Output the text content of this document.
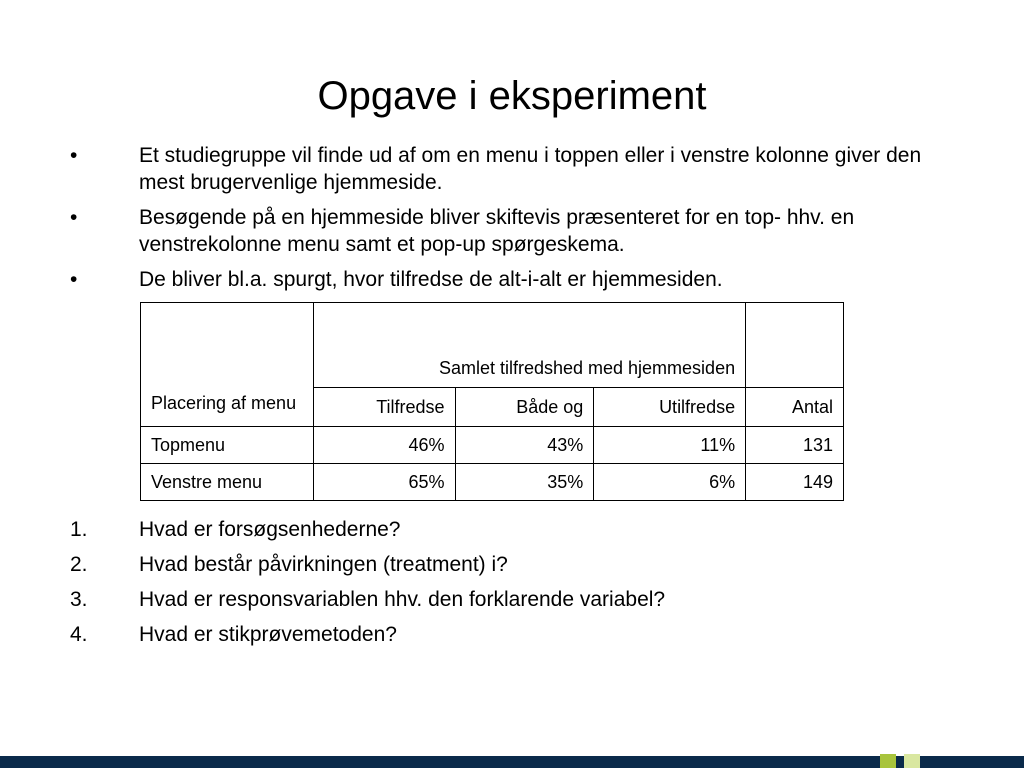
Opgave i eksperiment
•	Et studiegruppe vil finde ud af om en menu i toppen eller i venstre kolonne giver den mest brugervenlige hjemmeside.
•	Besøgende på en hjemmeside bliver skiftevis præsenteret for en top- hhv. en venstrekolonne menu samt et pop-up spørgeskema.
•	De bliver bl.a. spurgt, hvor tilfredse de alt-i-alt er hjemmesiden.
Placering af menu	Samlet tilfredshed med hjemmesiden			
	Tilfredse	Både og	Utilfredse	Antal
Topmenu	46%	43%	11%	131
Venstre menu	65%	35%	6%	149
1.	Hvad er forsøgsenhederne?
2.	Hvad består påvirkningen (treatment) i?
3.	Hvad er responsvariablen hhv. den forklarende variabel?
4.	Hvad er stikprøvemetoden?
